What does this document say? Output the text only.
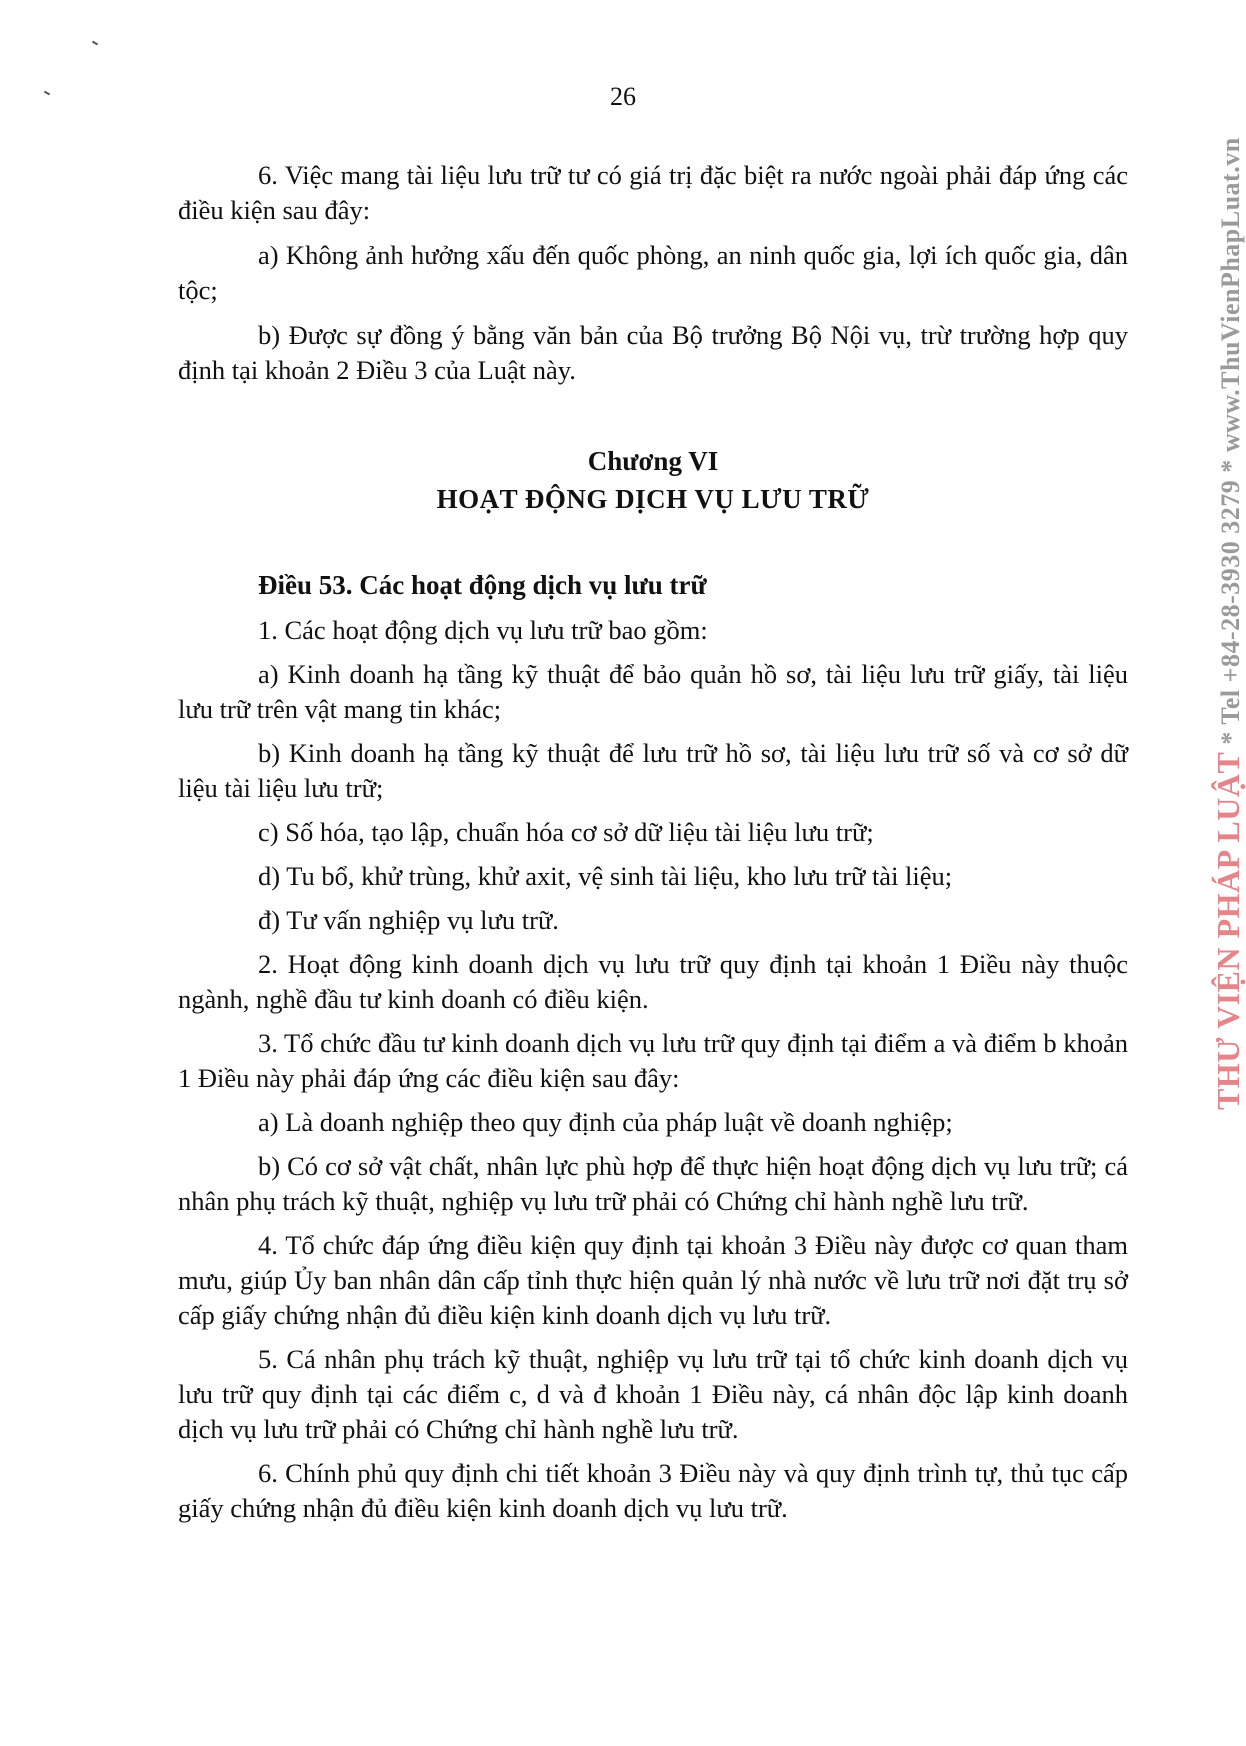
26

6. Việc mang tài liệu lưu trữ tư có giá trị đặc biệt ra nước ngoài phải đáp ứng các điều kiện sau đây:

a) Không ảnh hưởng xấu đến quốc phòng, an ninh quốc gia, lợi ích quốc gia, dân tộc;

b) Được sự đồng ý bằng văn bản của Bộ trưởng Bộ Nội vụ, trừ trường hợp quy định tại khoản 2 Điều 3 của Luật này.

Chương VI
HOẠT ĐỘNG DỊCH VỤ LƯU TRỮ
Điều 53. Các hoạt động dịch vụ lưu trữ

1. Các hoạt động dịch vụ lưu trữ bao gồm:

a) Kinh doanh hạ tầng kỹ thuật để bảo quản hồ sơ, tài liệu lưu trữ giấy, tài liệu lưu trữ trên vật mang tin khác;

b) Kinh doanh hạ tầng kỹ thuật để lưu trữ hồ sơ, tài liệu lưu trữ số và cơ sở dữ liệu tài liệu lưu trữ;

c) Số hóa, tạo lập, chuẩn hóa cơ sở dữ liệu tài liệu lưu trữ;

d) Tu bổ, khử trùng, khử axit, vệ sinh tài liệu, kho lưu trữ tài liệu;

đ) Tư vấn nghiệp vụ lưu trữ.

2. Hoạt động kinh doanh dịch vụ lưu trữ quy định tại khoản 1 Điều này thuộc ngành, nghề đầu tư kinh doanh có điều kiện.

3. Tổ chức đầu tư kinh doanh dịch vụ lưu trữ quy định tại điểm a và điểm b khoản 1 Điều này phải đáp ứng các điều kiện sau đây:

a) Là doanh nghiệp theo quy định của pháp luật về doanh nghiệp;

b) Có cơ sở vật chất, nhân lực phù hợp để thực hiện hoạt động dịch vụ lưu trữ; cá nhân phụ trách kỹ thuật, nghiệp vụ lưu trữ phải có Chứng chỉ hành nghề lưu trữ.

4. Tổ chức đáp ứng điều kiện quy định tại khoản 3 Điều này được cơ quan tham mưu, giúp Ủy ban nhân dân cấp tỉnh thực hiện quản lý nhà nước về lưu trữ nơi đặt trụ sở cấp giấy chứng nhận đủ điều kiện kinh doanh dịch vụ lưu trữ.

5. Cá nhân phụ trách kỹ thuật, nghiệp vụ lưu trữ tại tổ chức kinh doanh dịch vụ lưu trữ quy định tại các điểm c, d và đ khoản 1 Điều này, cá nhân độc lập kinh doanh dịch vụ lưu trữ phải có Chứng chỉ hành nghề lưu trữ.

6. Chính phủ quy định chi tiết khoản 3 Điều này và quy định trình tự, thủ tục cấp giấy chứng nhận đủ điều kiện kinh doanh dịch vụ lưu trữ.

THƯ VIỆN PHÁP LUẬT * Tel +84-28-3930 3279 * www.ThuVienPhapLuat.vn
